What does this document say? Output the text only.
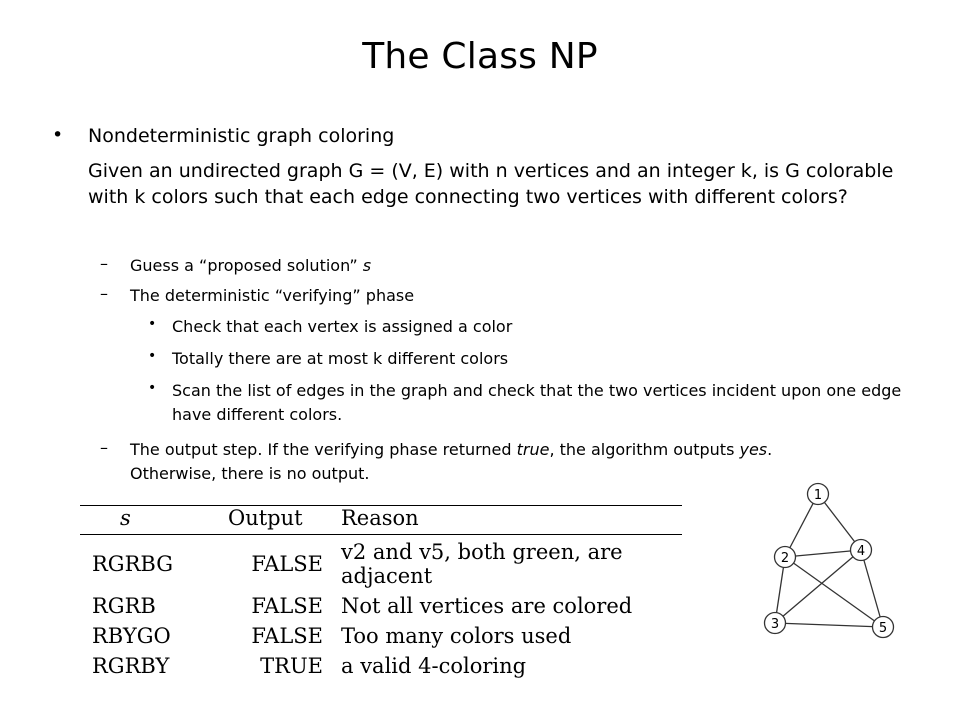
The Class NP
• Nondeterministic graph coloring
Given an undirected graph G = (V, E) with n vertices and an integer k, is G colorable with k colors such that each edge connecting two vertices with different colors?
– Guess a “proposed solution” s
– The deterministic “verifying” phase
• Check that each vertex is assigned a color
• Totally there are at most k different colors
• Scan the list of edges in the graph and check that the two vertices incident upon one edge have different colors.
– The output step. If the verifying phase returned true, the algorithm outputs yes.
Otherwise, there is no output.
s	Output	Reason
RGRBG	FALSE	v2 and v5, both green, are adjacent
RGRB	FALSE	Not all vertices are colored
RBYGO	FALSE	Too many colors used
RGRBY	TRUE	a valid 4-coloring
1
2
3
4
5
